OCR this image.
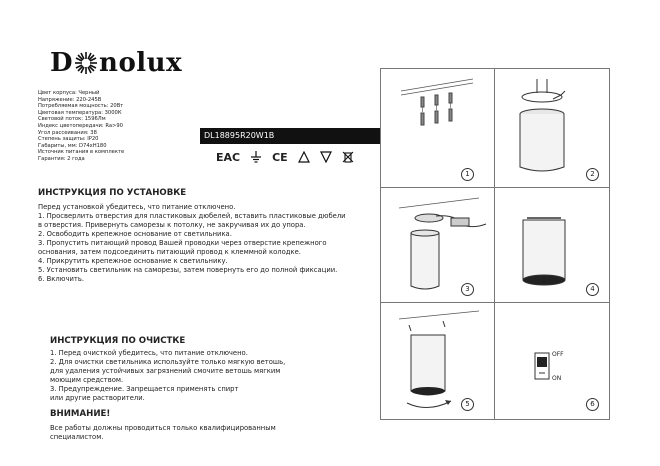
D nolux
Цвет корпуса: Черный
Напряжение: 220-245В
Потребляемая мощность: 20Вт
Цветовая температура: 3000К
Световой поток: 1596Лм
Индекс цветопередачи: Ra>90
Угол рассеивания: 38
Степень защиты: IP20
Габариты, мм: D74xH180
Источник питания в комплекте
Гарантия: 2 года
DL18895R20W1B
EAC	CE
ИНСТРУКЦИЯ ПО УСТАНОВКЕ
Перед установкой убедитесь, что питание отключено.
1. Просверлить отверстия для пластиковых дюбелей, вставить пластиковые дюбели
в отверстия. Привернуть саморезы к потолку, не закручивая их до упора.
2. Освободить крепежное основание от светильника.
3. Пропустить питающий провод Вашей проводки через отверстие крепежного
основания, затем подсоединить питающий провод к клеммной колодке.
4. Прикрутить крепежное основание к светильнику.
5. Установить светильник на саморезы, затем повернуть его до полной фиксации.
6. Включить.
ИНСТРУКЦИЯ ПО ОЧИСТКЕ
1. Перед очисткой убедитесь, что питание отключено.
2. Для очистки светильника используйте только мягкую ветошь,
для удаления устойчивых загрязнений смочите ветошь мягким
моющим средством.
3. Предупреждение. Запрещается применять спирт
или другие растворители.
ВНИМАНИЕ!
Все работы должны проводиться только квалифицированным
специалистом.
1	2
3	4
5
OFF
ON
6
